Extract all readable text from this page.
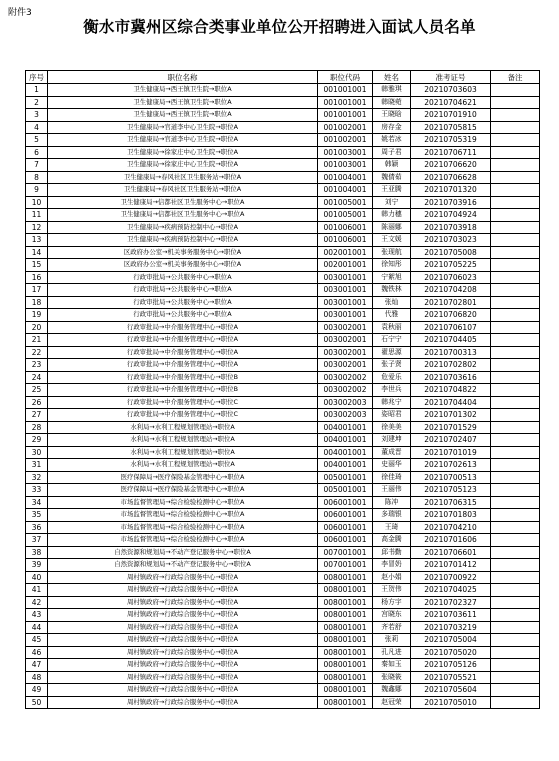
附件3
衡水市冀州区综合类事业单位公开招聘进入面试人员名单
序号	职位名称	职位代码	姓名	准考证号	备注
1	卫生健康局→西王镇卫生院→职位A	001001001	韩雅琪	20210703603	
2	卫生健康局→西王镇卫生院→职位A	001001001	韩晓菀	20210704621	
3	卫生健康局→西王镇卫生院→职位A	001001001	王晓晗	20210701910	
4	卫生健康局→官道李中心卫生院→职位A	001002001	房存金	20210705815	
5	卫生健康局→官道李中心卫生院→职位A	001002001	姚若冰	20210705319	
6	卫生健康局→徐家庄中心卫生院→职位A	001003001	周子君	20210706711	
7	卫生健康局→徐家庄中心卫生院→职位A	001003001	韩颖	20210706620	
8	卫生健康局→春风社区卫生服务站→职位A	001004001	魏倩茹	20210706628	
9	卫生健康局→春风社区卫生服务站→职位A	001004001	王亚腾	20210701320	
10	卫生健康局→信都社区卫生服务中心→职位A	001005001	刘宁	20210703916	
11	卫生健康局→信都社区卫生服务中心→职位A	001005001	韩力穗	20210704924	
12	卫生健康局→疾病预防控制中心→职位A	001006001	陈丽娜	20210703918	
13	卫生健康局→疾病预防控制中心→职位A	001006001	王文媛	20210703023	
14	区政府办公室→机关事务服务中心→职位A	002001001	张现航	20210705008	
15	区政府办公室→机关事务服务中心→职位A	002001001	徐知彤	20210705225	
16	行政审批局→公共服务中心→职位A	003001001	宁絮旭	20210706023	
17	行政审批局→公共服务中心→职位A	003001001	魏铁林	20210704208	
18	行政审批局→公共服务中心→职位A	003001001	张灿	20210702801	
19	行政审批局→公共服务中心→职位A	003001001	代雅	20210706820	
20	行政审批局→中介服务管理中心→职位A	003002001	袁秋丽	20210706107	
21	行政审批局→中介服务管理中心→职位A	003002001	石宁宁	20210704405	
22	行政审批局→中介服务管理中心→职位A	003002001	翟思源	20210700313	
23	行政审批局→中介服务管理中心→职位A	003002001	张子贤	20210702802	
24	行政审批局→中介服务管理中心→职位B	003002002	危爱乐	20210703616	
25	行政审批局→中介服务管理中心→职位B	003002002	李世兵	20210704822	
26	行政审批局→中介服务管理中心→职位C	003002003	韩兆宁	20210704404	
27	行政审批局→中介服务管理中心→职位C	003002003	姿昭君	20210701302	
28	水利局→水利工程规划管理站→职位A	004001001	徐美美	20210701529	
29	水利局→水利工程规划管理站→职位A	004001001	刘建坤	20210702407	
30	水利局→水利工程规划管理站→职位A	004001001	董成晋	20210701019	
31	水利局→水利工程规划管理站→职位A	004001001	史丽华	20210702613	
32	医疗保障局→医疗保险基金管理中心→职位A	005001001	徐佳琦	20210700513	
33	医疗保障局→医疗保险基金管理中心→职位A	005001001	王丽伟	20210705123	
34	市场监督管理局→综合检验检测中心→职位A	006001001	陈冲	20210706315	
35	市场监督管理局→综合检验检测中心→职位A	006001001	多瑞银	20210701803	
36	市场监督管理局→综合检验检测中心→职位A	006001001	王琦	20210704210	
37	市场监督管理局→综合检验检测中心→职位A	006001001	高金腾	20210701606	
38	自然资源和规划局→不动产登记服务中心→职位A	007001001	邱书勤	20210706601	
39	自然资源和规划局→不动产登记服务中心→职位A	007001001	李冒奶	20210701412	
40	周村镇政府→行政综合服务中心→职位A	008001001	赵小娟	20210700922	
41	周村镇政府→行政综合服务中心→职位A	008001001	王贺伟	20210704025	
42	周村镇政府→行政综合服务中心→职位A	008001001	杨方宇	20210702327	
43	周村镇政府→行政综合服务中心→职位A	008001001	宫晓东	20210703611	
44	周村镇政府→行政综合服务中心→职位A	008001001	齐若舒	20210703219	
45	周村镇政府→行政综合服务中心→职位A	008001001	张莉	20210705004	
46	周村镇政府→行政综合服务中心→职位A	008001001	孔凡进	20210705020	
47	周村镇政府→行政综合服务中心→职位A	008001001	秦如玉	20210705126	
48	周村镇政府→行政综合服务中心→职位A	008001001	张晓筱	20210705521	
49	周村镇政府→行政综合服务中心→职位A	008001001	魏鑫娜	20210705604	
50	周村镇政府→行政综合服务中心→职位A	008001001	赵冠荣	20210705010	
